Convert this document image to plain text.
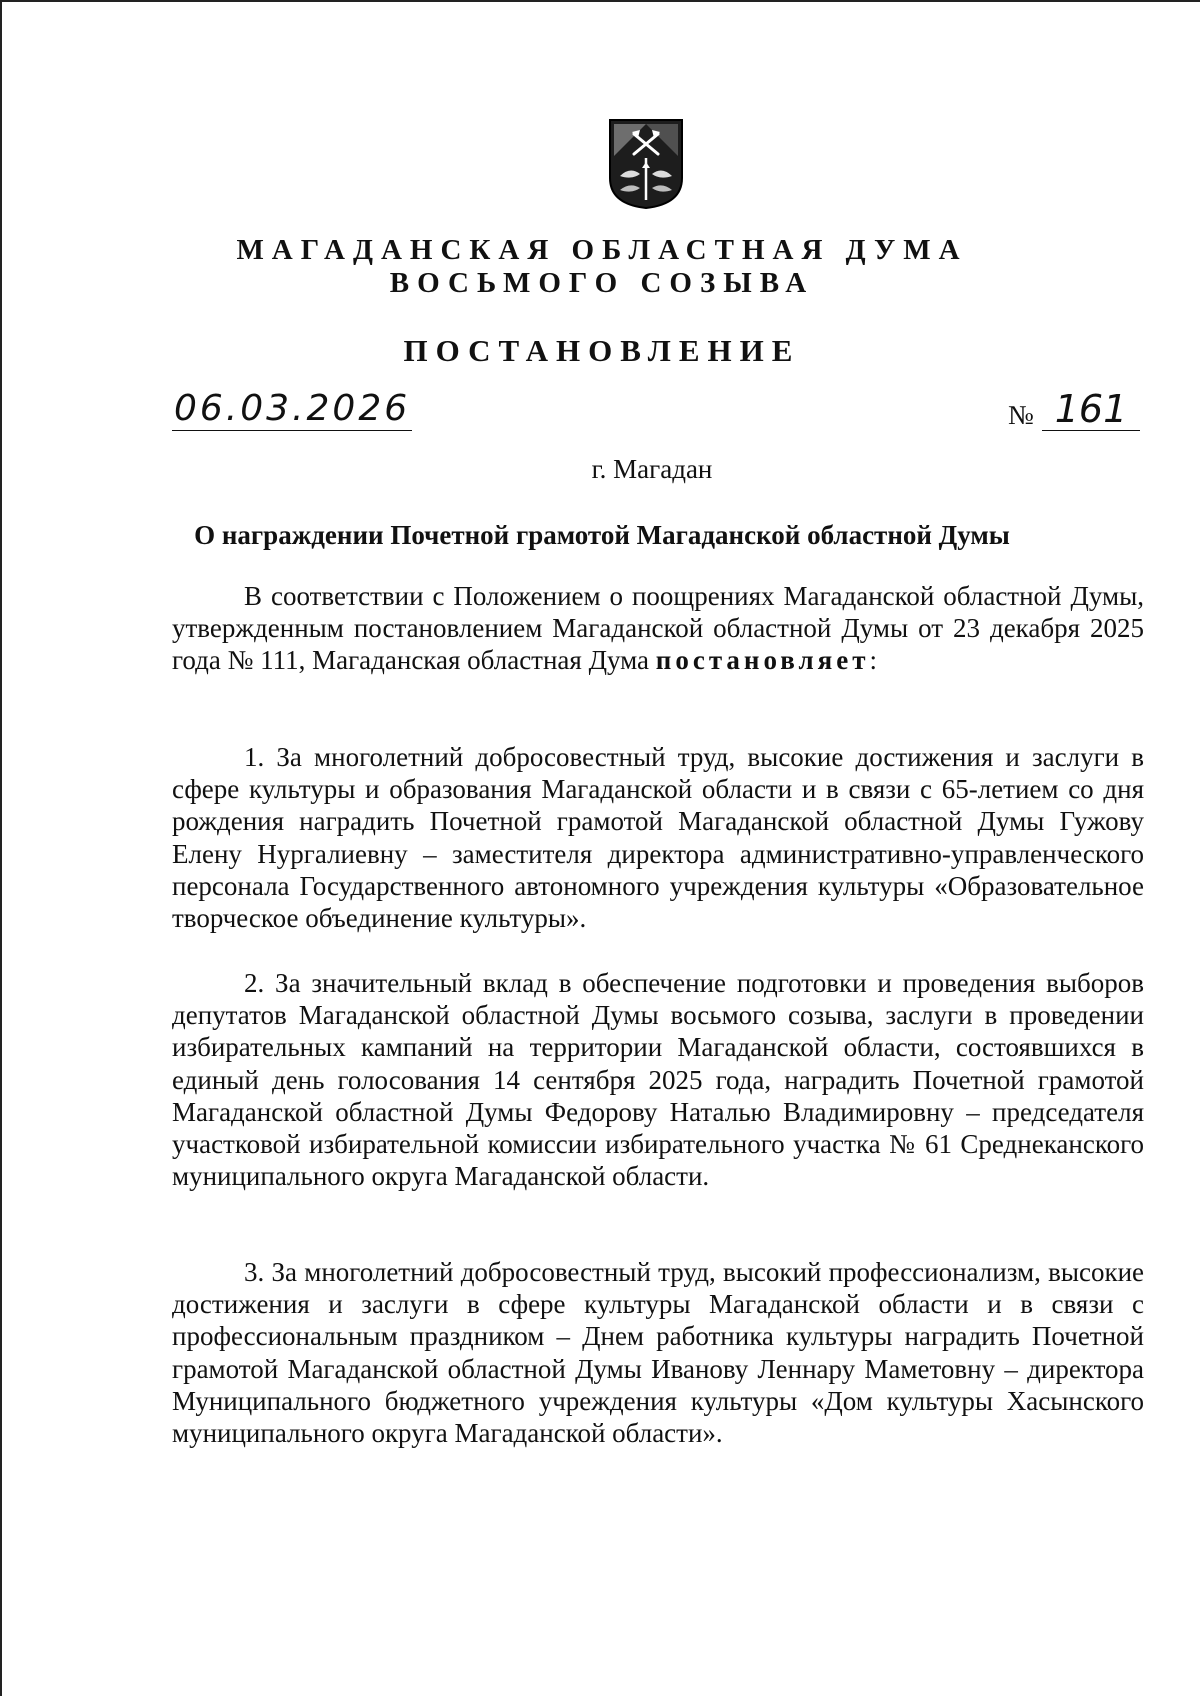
МАГАДАНСКАЯ ОБЛАСТНАЯ ДУМА
ВОСЬМОГО СОЗЫВА
ПОСТАНОВЛЕНИЕ
06.03.2026	№ 161
г. Магадан
О награждении Почетной грамотой Магаданской областной Думы
В соответствии с Положением о поощрениях Магаданской областной Думы, утвержденным постановлением Магаданской областной Думы от 23 декабря 2025 года № 111, Магаданская областная Дума постановляет:
1. За многолетний добросовестный труд, высокие достижения и заслуги в сфере культуры и образования Магаданской области и в связи с 65-летием со дня рождения наградить Почетной грамотой Магаданской областной Думы Гужову Елену Нургалиевну – заместителя директора административно-управленческого персонала Государственного автономного учреждения культуры «Образовательное творческое объединение культуры».
2. За значительный вклад в обеспечение подготовки и проведения выборов депутатов Магаданской областной Думы восьмого созыва, заслуги в проведении избирательных кампаний на территории Магаданской области, состоявшихся в единый день голосования 14 сентября 2025 года, наградить Почетной грамотой Магаданской областной Думы Федорову Наталью Владимировну – председателя участковой избирательной комиссии избирательного участка № 61 Среднеканского муниципального округа Магаданской области.
3. За многолетний добросовестный труд, высокий профессионализм, высокие достижения и заслуги в сфере культуры Магаданской области и в связи с профессиональным праздником – Днем работника культуры наградить Почетной грамотой Магаданской областной Думы Иванову Леннару Маметовну – директора Муниципального бюджетного учреждения культуры «Дом культуры Хасынского муниципального округа Магаданской области».
